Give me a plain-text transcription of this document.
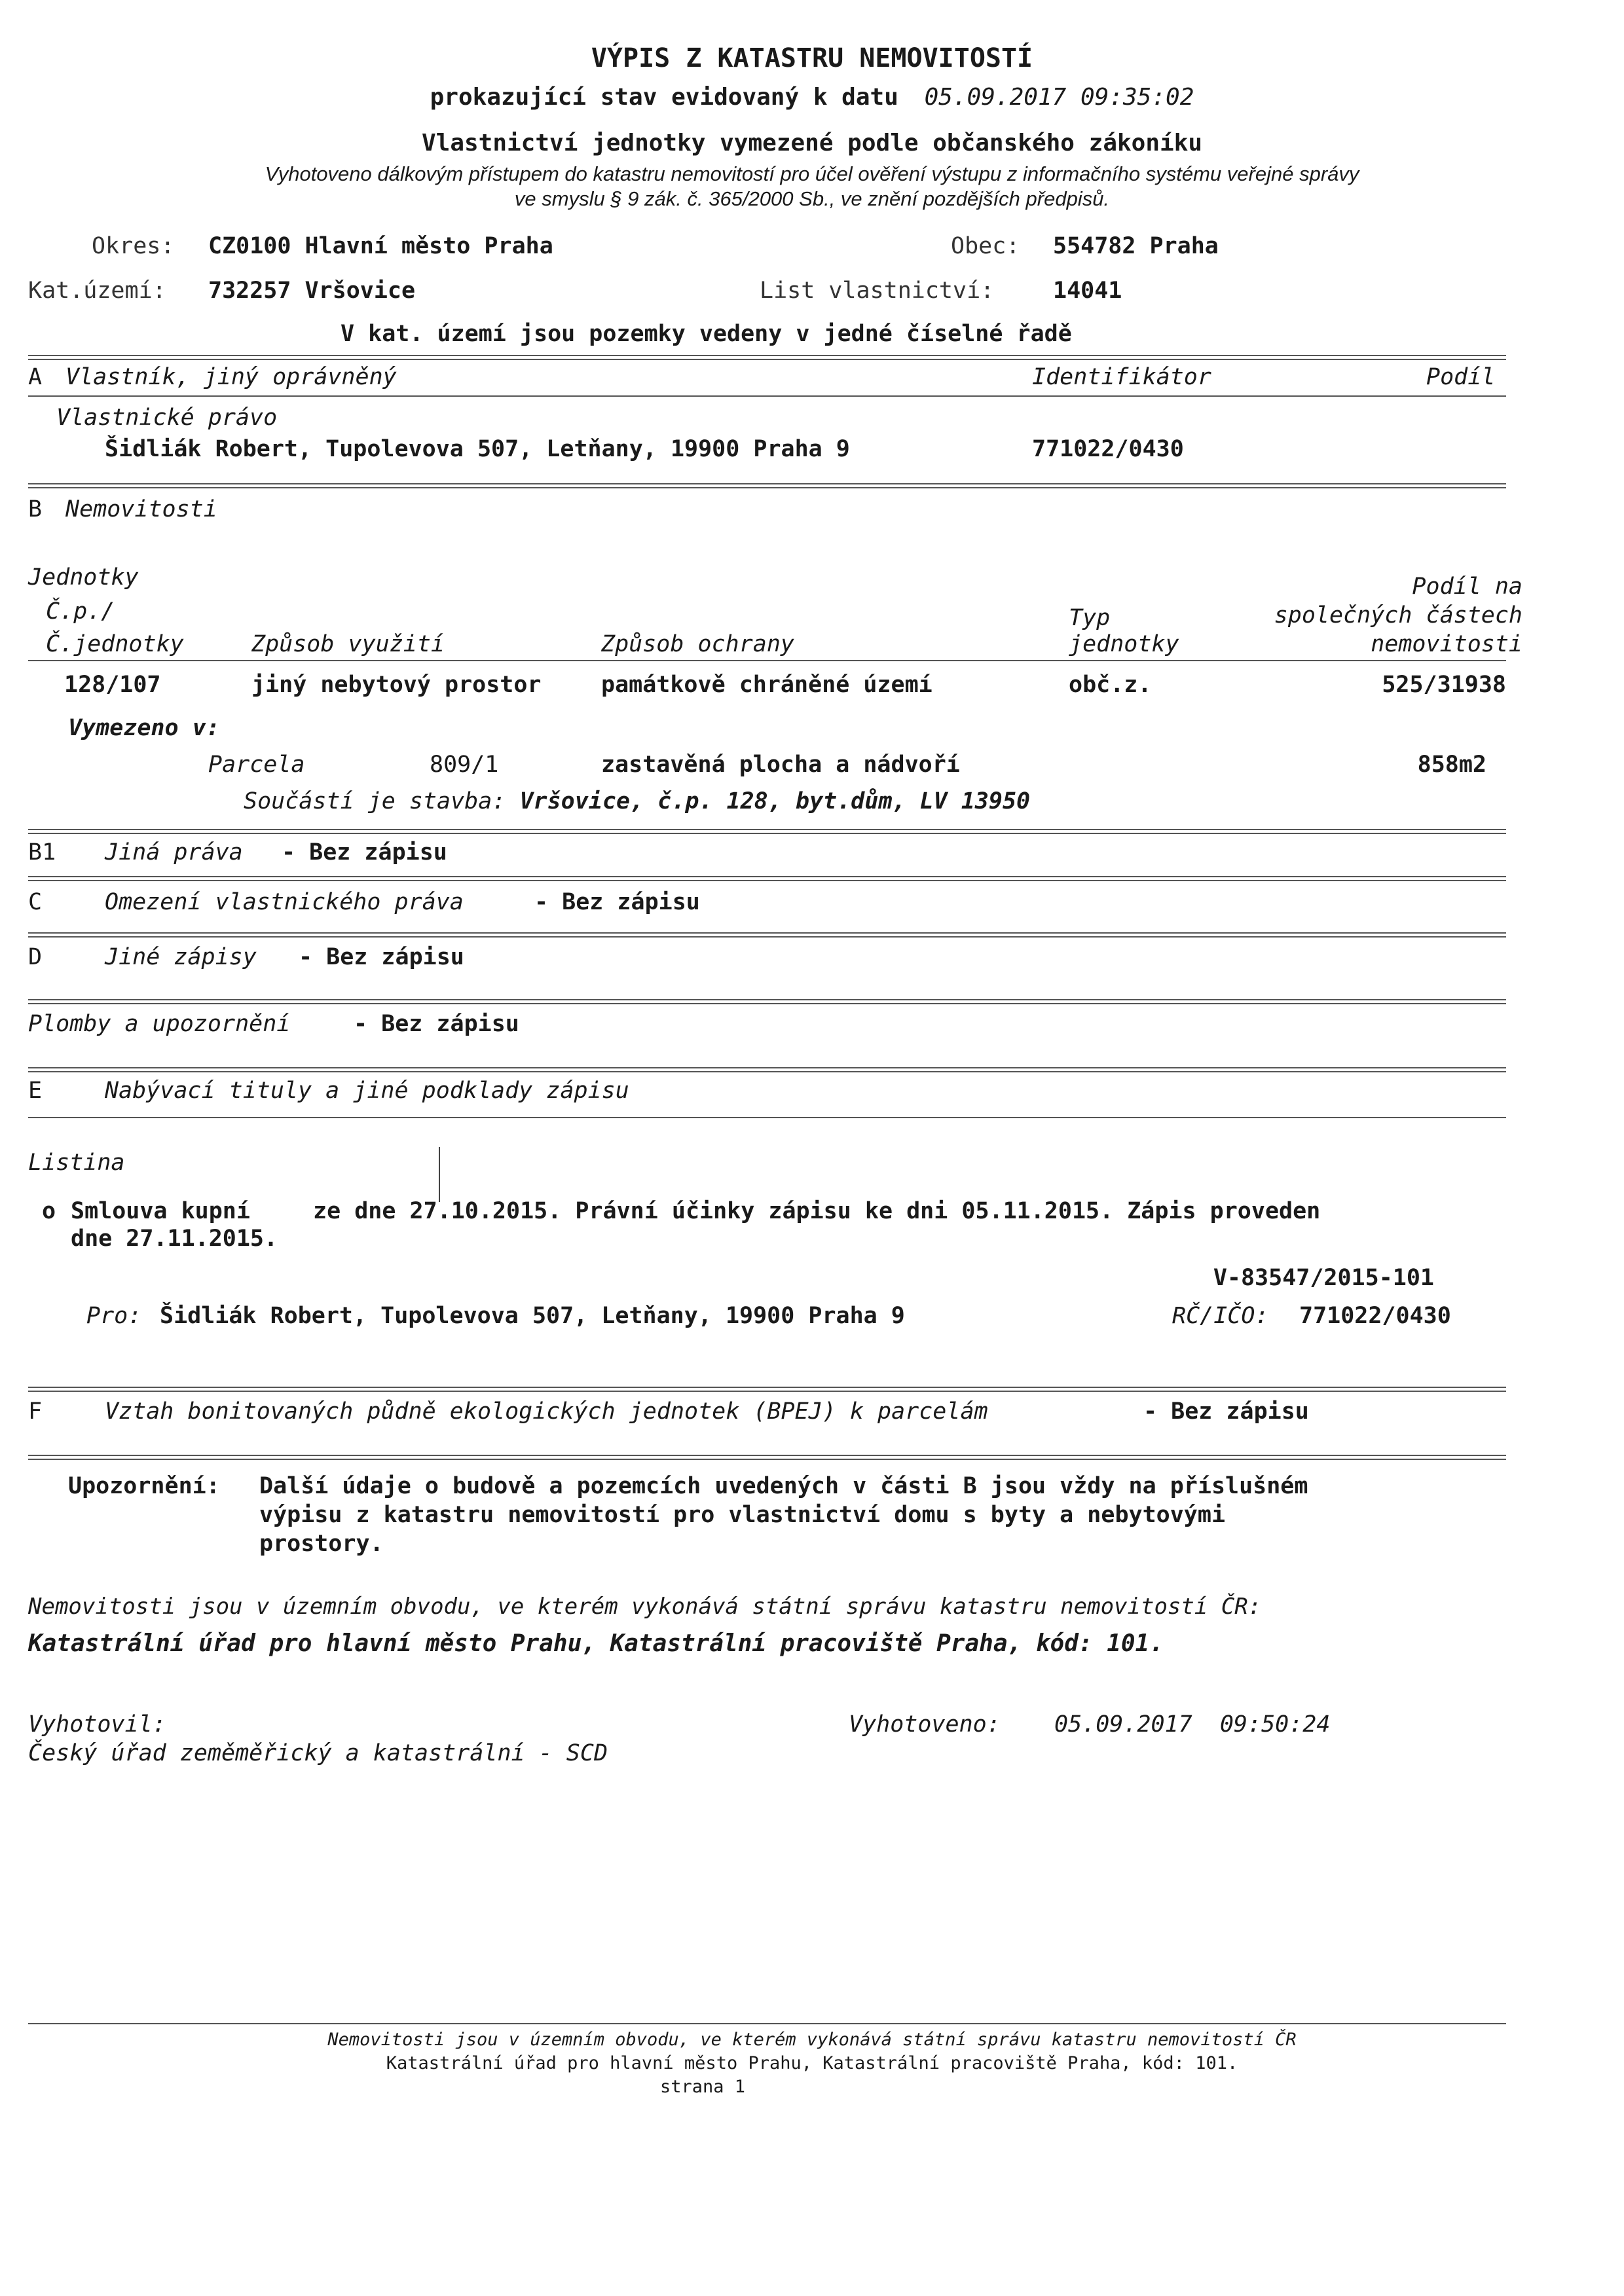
VÝPIS Z KATASTRU NEMOVITOSTÍ
prokazující stav evidovaný k datu 05.09.2017 09:35:02
Vlastnictví jednotky vymezené podle občanského zákoníku
Vyhotoveno dálkovým přístupem do katastru nemovitostí pro účel ověření výstupu z informačního systému veřejné správy
ve smyslu § 9 zák. č. 365/2000 Sb., ve znění pozdějších předpisů.
Okres: CZ0100 Hlavní město Praha	Obec: 554782 Praha
Kat.území: 732257 Vršovice	List vlastnictví:	14041
V kat. území jsou pozemky vedeny v jedné číselné řadě
A Vlastník, jiný oprávněný	Identifikátor	Podíl
Vlastnické právo
Šidliák Robert, Tupolevova 507, Letňany, 19900 Praha 9	771022/0430
B Nemovitosti
Jednotky
Č.p./
Č.jednotky	Způsob využití	Způsob ochrany
Typ
jednotky
Podíl na
společných částech
nemovitosti
128/107	jiný nebytový prostor	památkově chráněné území	obč.z.	525/31938
Vymezeno v:
Parcela	809/1	zastavěná plocha a nádvoří	858m2
Součástí je stavba: Vršovice, č.p. 128, byt.dům, LV 13950
B1 Jiná práva - Bez zápisu
C	Omezení vlastnického práva	- Bez zápisu
D	Jiné zápisy - Bez zápisu
Plomby a upozornění	- Bez zápisu
E	Nabývací tituly a jiné podklady zápisu
Listina
o Smlouva kupní	ze dne 27.10.2015. Právní účinky zápisu ke dni 05.11.2015. Zápis proveden
dne 27.11.2015.
V-83547/2015-101
Pro: Šidliák Robert, Tupolevova 507, Letňany, 19900 Praha 9	RČ/IČO: 771022/0430
F	Vztah bonitovaných půdně ekologických jednotek (BPEJ) k parcelám	- Bez zápisu
Upozornění: Další údaje o budově a pozemcích uvedených v části B jsou vždy na příslušném
výpisu z katastru nemovitostí pro vlastnictví domu s byty a nebytovými
prostory.
Nemovitosti jsou v územním obvodu, ve kterém vykonává státní správu katastru nemovitostí ČR:
Katastrální úřad pro hlavní město Prahu, Katastrální pracoviště Praha, kód: 101.
Vyhotovil:
Český úřad zeměměřický a katastrální - SCD
Vyhotoveno: 05.09.2017  09:50:24
Nemovitosti jsou v územním obvodu, ve kterém vykonává státní správu katastru nemovitostí ČR
Katastrální úřad pro hlavní město Prahu, Katastrální pracoviště Praha, kód: 101.
strana 1
